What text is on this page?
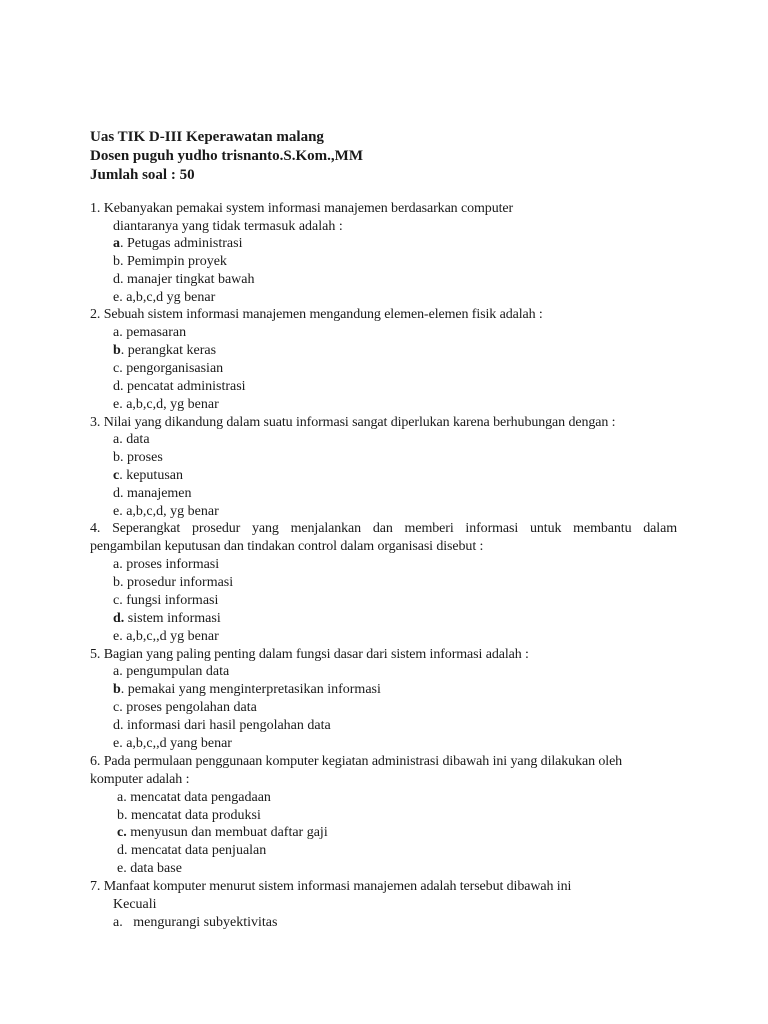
Uas TIK D-III Keperawatan malang
Dosen puguh yudho trisnanto.S.Kom.,MM
Jumlah soal : 50
1. Kebanyakan pemakai system informasi manajemen berdasarkan computer
diantaranya yang tidak termasuk adalah :
a. Petugas administrasi
b. Pemimpin proyek
d. manajer tingkat bawah
e. a,b,c,d yg benar
2. Sebuah sistem informasi manajemen mengandung elemen-elemen fisik adalah :
a. pemasaran
b. perangkat keras
c. pengorganisasian
d. pencatat administrasi
e. a,b,c,d, yg benar
3. Nilai yang dikandung dalam suatu informasi sangat diperlukan karena berhubungan dengan :
a. data
b. proses
c. keputusan
d. manajemen
e. a,b,c,d, yg benar
4. Seperangkat prosedur yang menjalankan dan memberi informasi untuk membantu dalam
pengambilan keputusan dan tindakan control dalam organisasi disebut :
a. proses informasi
b. prosedur informasi
c. fungsi informasi
d. sistem informasi
e. a,b,c,,d yg benar
5. Bagian yang paling penting dalam fungsi dasar dari sistem informasi adalah :
a. pengumpulan data
b. pemakai yang menginterpretasikan informasi
c. proses pengolahan data
d. informasi dari hasil pengolahan data
e. a,b,c,,d yang benar
6. Pada permulaan penggunaan komputer kegiatan administrasi dibawah ini yang dilakukan oleh
komputer adalah :
a. mencatat data pengadaan
b. mencatat data produksi
c. menyusun dan membuat daftar gaji
d. mencatat data penjualan
e. data base
7. Manfaat komputer menurut sistem informasi manajemen adalah tersebut dibawah ini
Kecuali
a.   mengurangi subyektivitas
